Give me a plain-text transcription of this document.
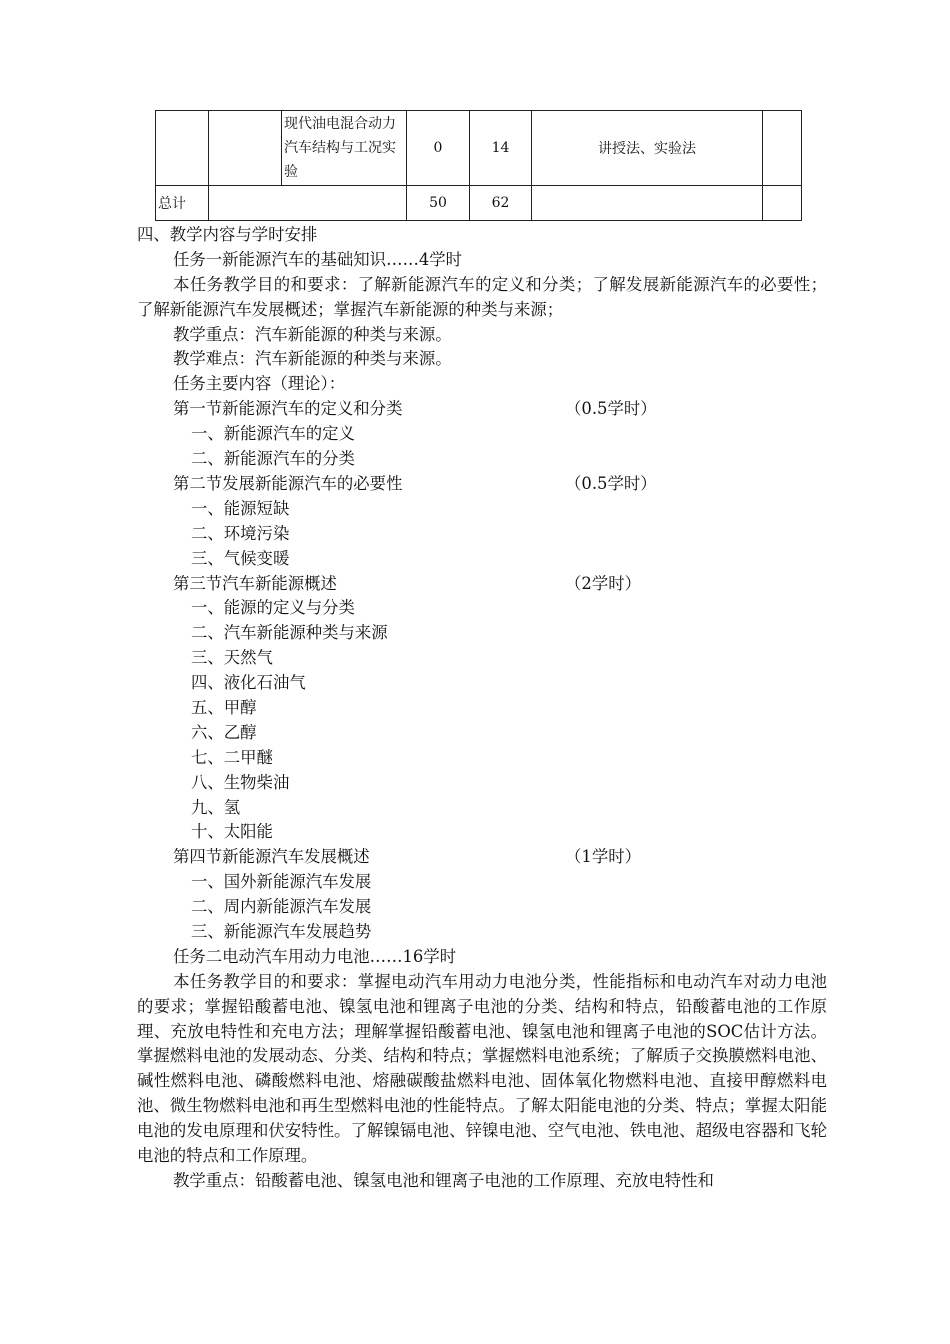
		现代油电混合动力汽车结构与工况实验	0	14	讲授法、实验法	
总计			50	62		
四、教学内容与学时安排
任务一新能源汽车的基础知识……4学时
本任务教学目的和要求：了解新能源汽车的定义和分类；了解发展新能源汽车的必要性；了解新能源汽车发展概述；掌握汽车新能源的种类与来源；
教学重点：汽车新能源的种类与来源。
教学难点：汽车新能源的种类与来源。
任务主要内容（理论）：
第一节新能源汽车的定义和分类	（0.5学时）
一、新能源汽车的定义
二、新能源汽车的分类
第二节发展新能源汽车的必要性	（0.5学时）
一、能源短缺
二、环境污染
三、气候变暖
第三节汽车新能源概述	（2学时）
一、能源的定义与分类
二、汽车新能源种类与来源
三、天然气
四、液化石油气
五、甲醇
六、乙醇
七、二甲醚
八、生物柴油
九、氢
十、太阳能
第四节新能源汽车发展概述	（1学时）
一、国外新能源汽车发展
二、周内新能源汽车发展
三、新能源汽车发展趋势
任务二电动汽车用动力电池……16学时
本任务教学目的和要求：掌握电动汽车用动力电池分类，性能指标和电动汽车对动力电池的要求；掌握铅酸蓄电池、镍氢电池和锂离子电池的分类、结构和特点，铅酸蓄电池的工作原理、充放电特性和充电方法；理解掌握铅酸蓄电池、镍氢电池和锂离子电池的SOC估计方法。掌握燃料电池的发展动态、分类、结构和特点；掌握燃料电池系统；了解质子交换膜燃料电池、碱性燃料电池、磷酸燃料电池、熔融碳酸盐燃料电池、固体氧化物燃料电池、直接甲醇燃料电池、微生物燃料电池和再生型燃料电池的性能特点。了解太阳能电池的分类、特点；掌握太阳能电池的发电原理和伏安特性。了解镍镉电池、锌镍电池、空气电池、铁电池、超级电容器和飞轮电池的特点和工作原理。
教学重点：铅酸蓄电池、镍氢电池和锂离子电池的工作原理、充放电特性和
